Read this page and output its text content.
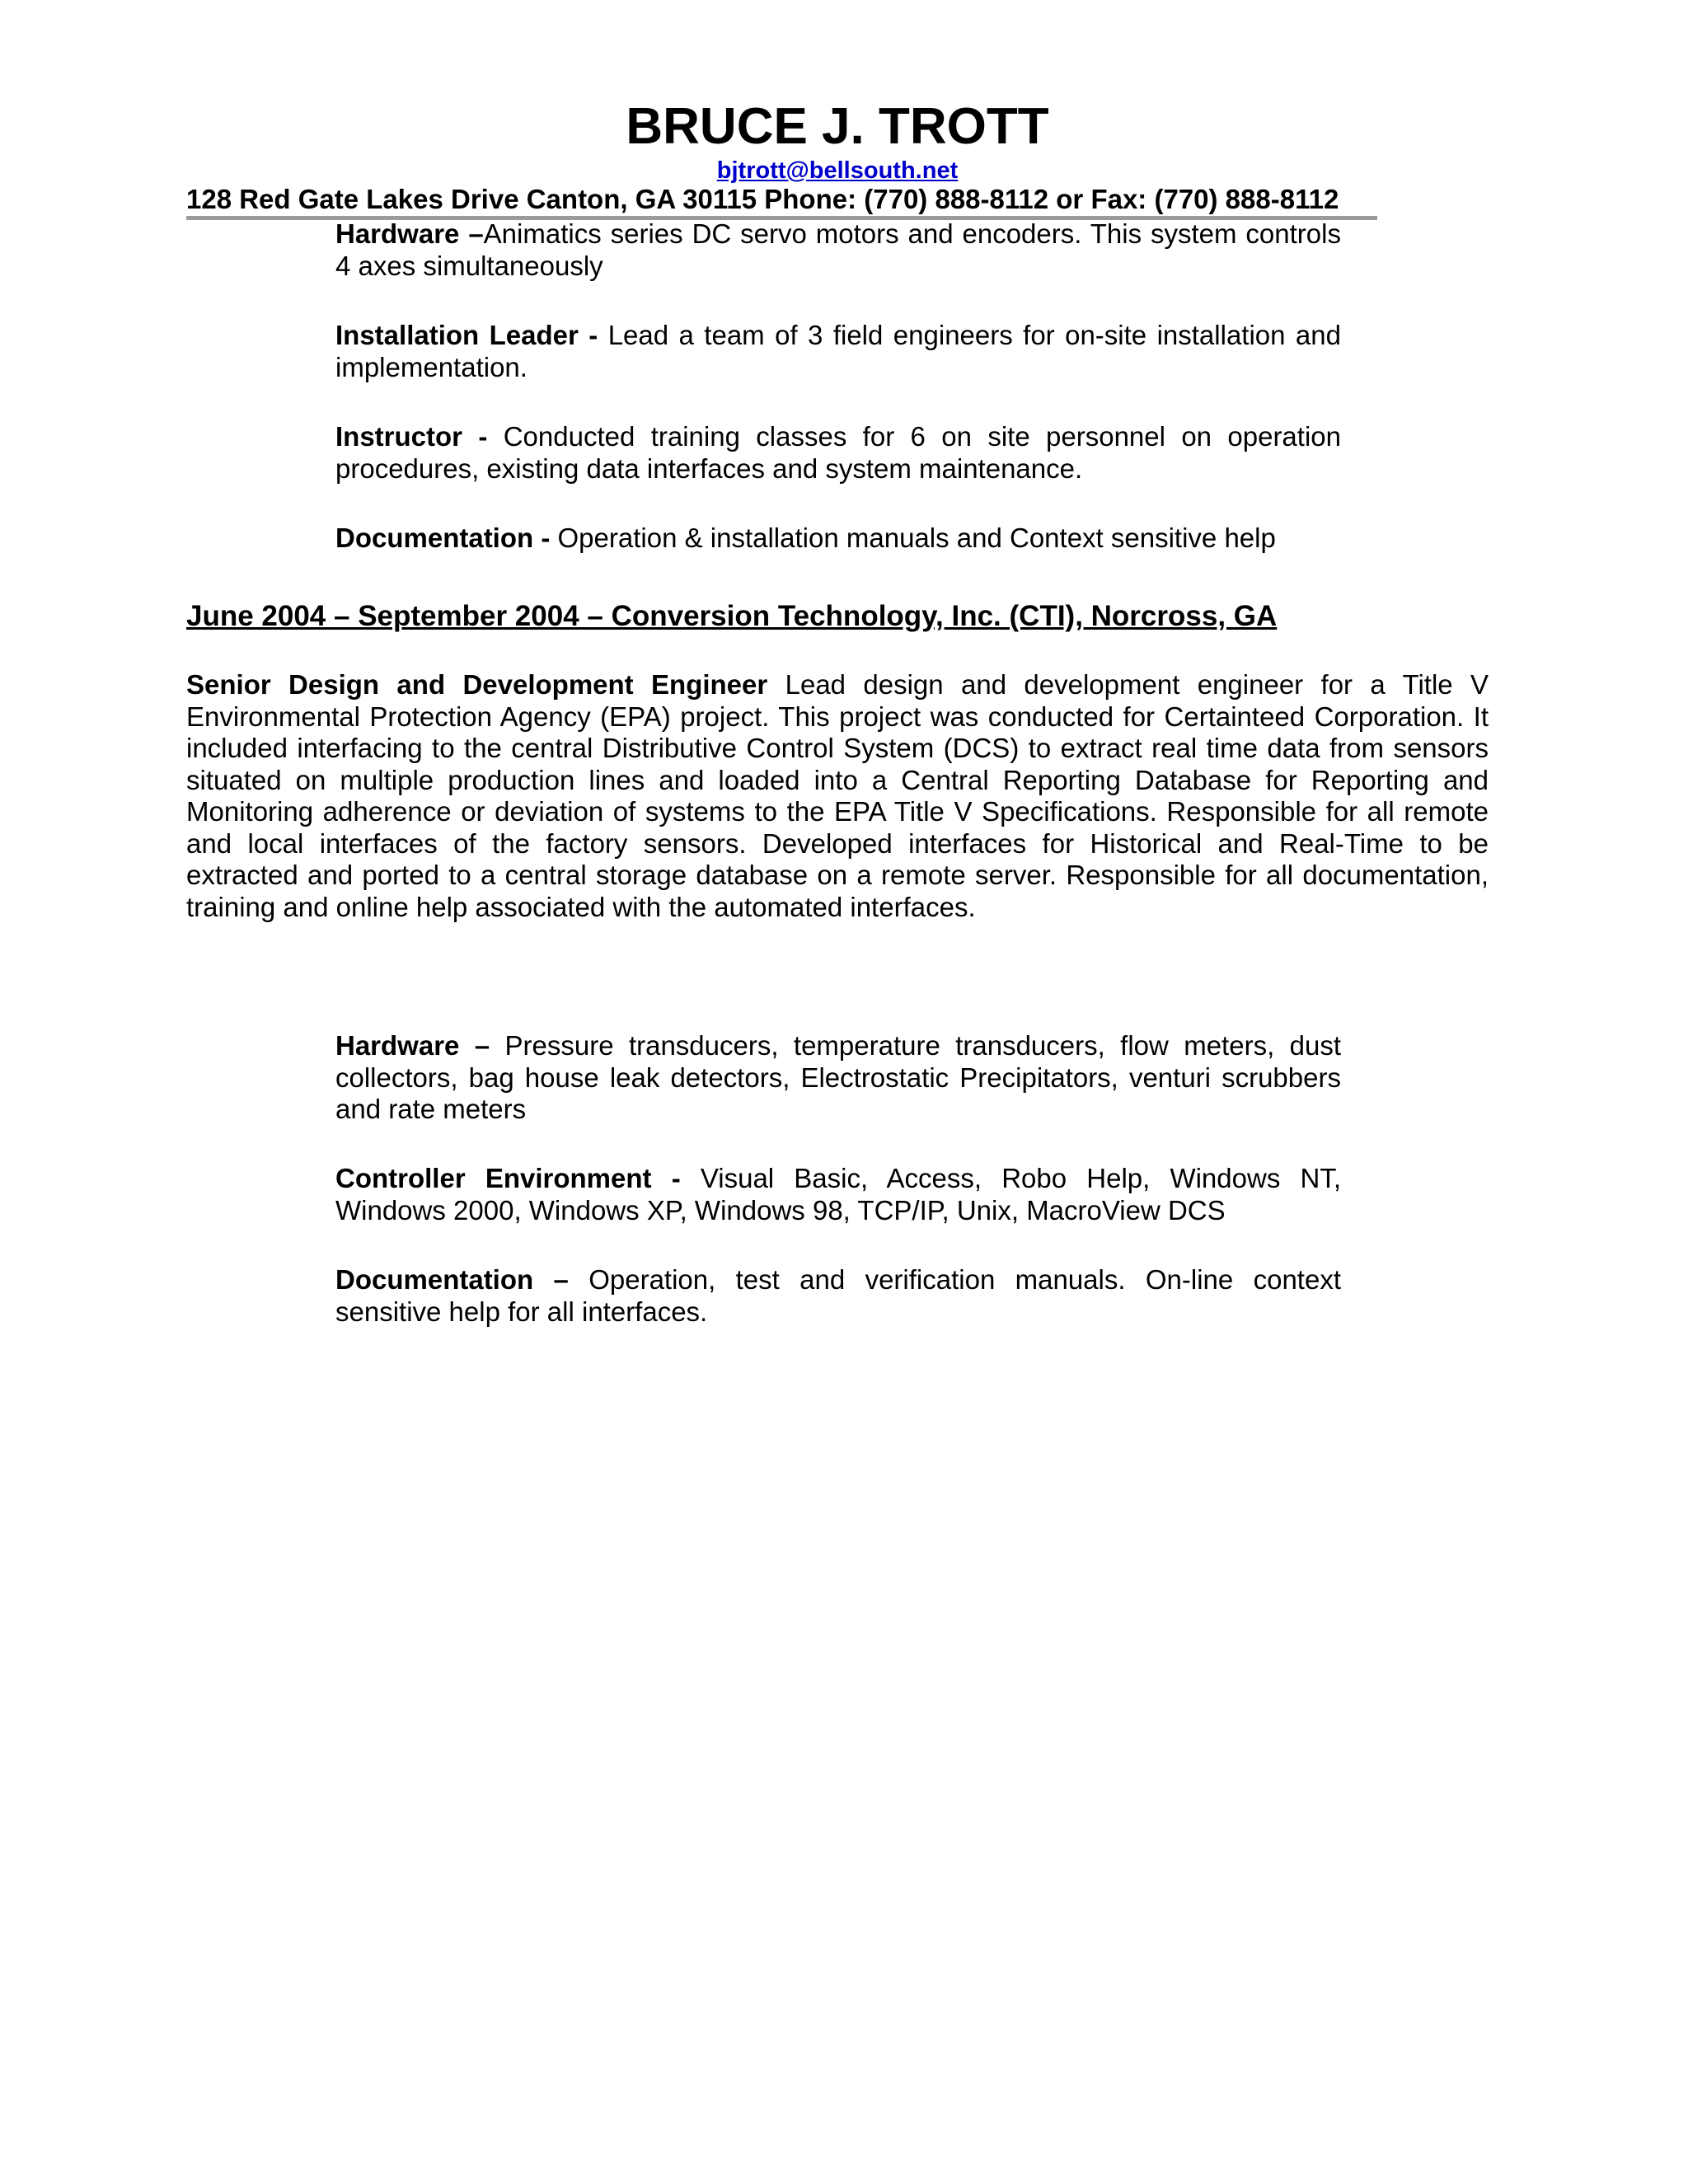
BRUCE J. TROTT
bjtrott@bellsouth.net
128 Red Gate Lakes Drive Canton, GA 30115 Phone: (770) 888-8112 or Fax: (770) 888-8112

Hardware –Animatics series DC servo motors and encoders. This system controls 4 axes simultaneously

Installation Leader - Lead a team of 3 field engineers for on-site installation and implementation.

Instructor - Conducted training classes for 6 on site personnel on operation procedures, existing data interfaces and system maintenance.

Documentation - Operation & installation manuals and Context sensitive help

June 2004 – September 2004 – Conversion Technology, Inc. (CTI), Norcross, GA

Senior Design and Development Engineer Lead design and development engineer for a Title V Environmental Protection Agency (EPA) project. This project was conducted for Certainteed Corporation. It included interfacing to the central Distributive Control System (DCS) to extract real time data from sensors situated on multiple production lines and loaded into a Central Reporting Database for Reporting and Monitoring adherence or deviation of systems to the EPA Title V Specifications. Responsible for all remote and local interfaces of the factory sensors. Developed interfaces for Historical and Real-Time to be extracted and ported to a central storage database on a remote server. Responsible for all documentation, training and online help associated with the automated interfaces.

Hardware – Pressure transducers, temperature transducers, flow meters, dust collectors, bag house leak detectors, Electrostatic Precipitators, venturi scrubbers and rate meters

Controller Environment - Visual Basic, Access, Robo Help, Windows NT, Windows 2000, Windows XP, Windows 98, TCP/IP, Unix, MacroView DCS

Documentation – Operation, test and verification manuals. On-line context sensitive help for all interfaces.
